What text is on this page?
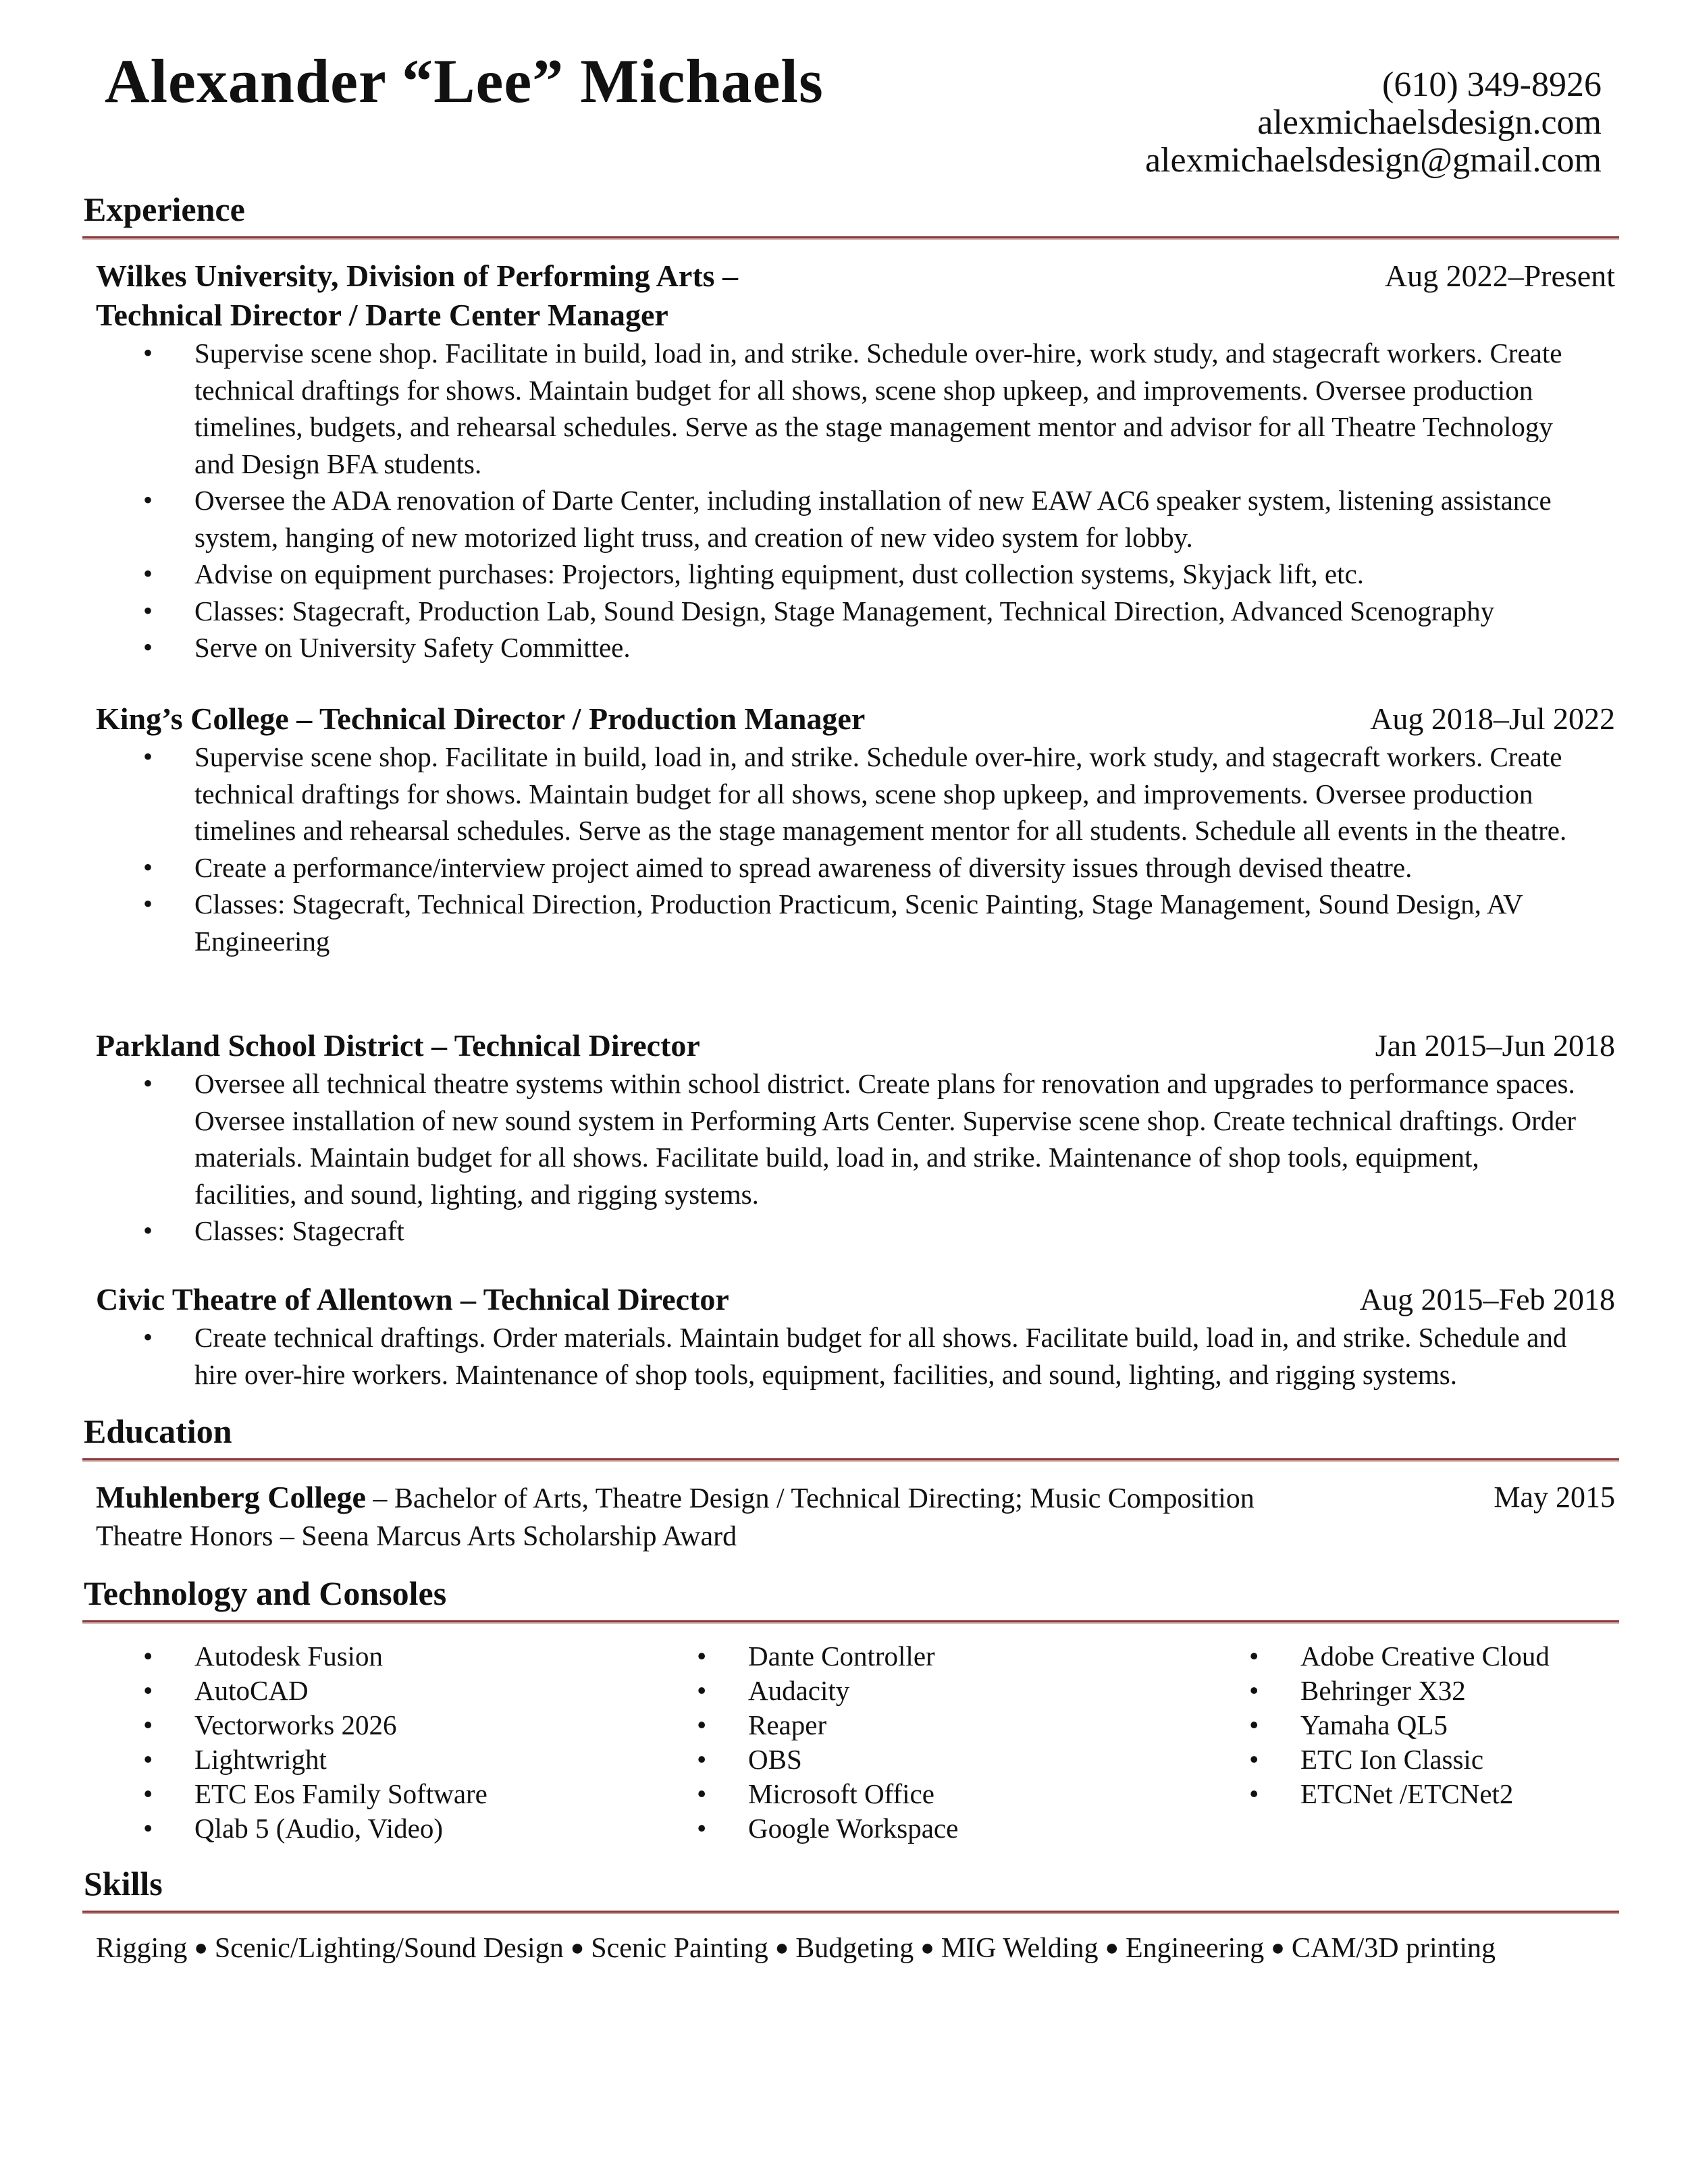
Alexander “Lee” Michaels	(610) 349-8926
alexmichaelsdesign.com
alexmichaelsdesign@gmail.com
Experience
Wilkes University, Division of Performing Arts –	Aug 2022–Present
Technical Director / Darte Center Manager
• Supervise scene shop. Facilitate in build, load in, and strike. Schedule over-hire, work study, and stagecraft workers. Create technical draftings for shows. Maintain budget for all shows, scene shop upkeep, and improvements. Oversee production timelines, budgets, and rehearsal schedules. Serve as the stage management mentor and advisor for all Theatre Technology and Design BFA students.
• Oversee the ADA renovation of Darte Center, including installation of new EAW AC6 speaker system, listening assistance system, hanging of new motorized light truss, and creation of new video system for lobby.
• Advise on equipment purchases: Projectors, lighting equipment, dust collection systems, Skyjack lift, etc.
• Classes: Stagecraft, Production Lab, Sound Design, Stage Management, Technical Direction, Advanced Scenography
• Serve on University Safety Committee.
King’s College – Technical Director / Production Manager	Aug 2018–Jul 2022
• Supervise scene shop. Facilitate in build, load in, and strike. Schedule over-hire, work study, and stagecraft workers. Create technical draftings for shows. Maintain budget for all shows, scene shop upkeep, and improvements. Oversee production timelines and rehearsal schedules. Serve as the stage management mentor for all students. Schedule all events in the theatre.
• Create a performance/interview project aimed to spread awareness of diversity issues through devised theatre.
• Classes: Stagecraft, Technical Direction, Production Practicum, Scenic Painting, Stage Management, Sound Design, AV Engineering
Parkland School District – Technical Director	Jan 2015–Jun 2018
• Oversee all technical theatre systems within school district. Create plans for renovation and upgrades to performance spaces. Oversee installation of new sound system in Performing Arts Center. Supervise scene shop. Create technical draftings. Order materials. Maintain budget for all shows. Facilitate build, load in, and strike. Maintenance of shop tools, equipment, facilities, and sound, lighting, and rigging systems.
• Classes: Stagecraft
Civic Theatre of Allentown – Technical Director	Aug 2015–Feb 2018
• Create technical draftings. Order materials. Maintain budget for all shows. Facilitate build, load in, and strike. Schedule and hire over-hire workers. Maintenance of shop tools, equipment, facilities, and sound, lighting, and rigging systems.
Education
Muhlenberg College – Bachelor of Arts, Theatre Design / Technical Directing; Music Composition	May 2015
Theatre Honors – Seena Marcus Arts Scholarship Award
Technology and Consoles
• Autodesk Fusion
• AutoCAD
• Vectorworks 2026
• Lightwright
• ETC Eos Family Software
• Qlab 5 (Audio, Video)
• Dante Controller
• Audacity
• Reaper
• OBS
• Microsoft Office
• Google Workspace
• Adobe Creative Cloud
• Behringer X32
• Yamaha QL5
• ETC Ion Classic
• ETCNet /ETCNet2
Skills
Rigging ● Scenic/Lighting/Sound Design ● Scenic Painting ● Budgeting ● MIG Welding ● Engineering ● CAM/3D printing
